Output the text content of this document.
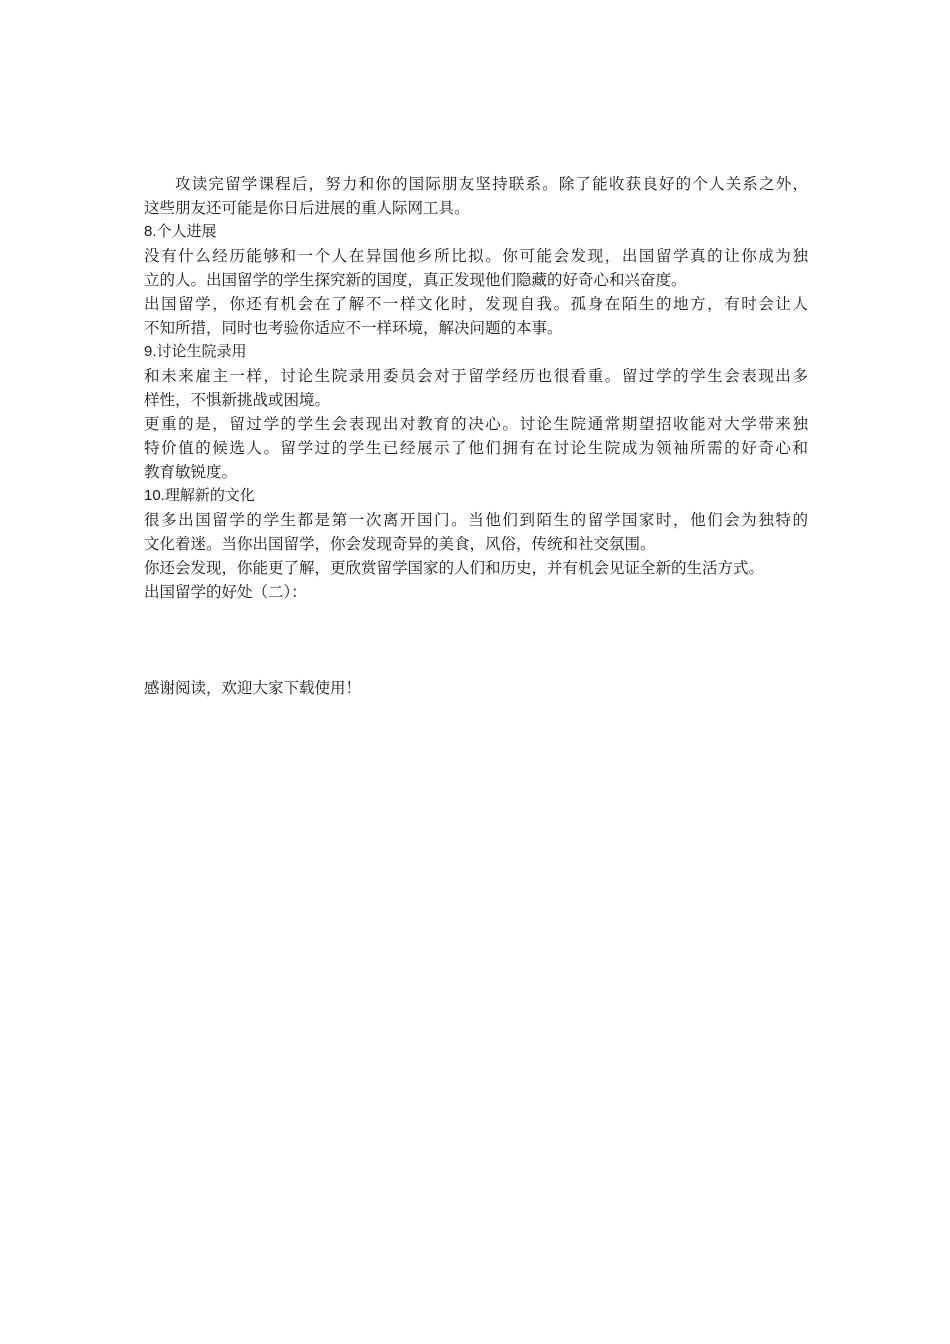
攻读完留学课程后，努力和你的国际朋友坚持联系。除了能收获良好的个人关系之外，
这些朋友还可能是你日后进展的重人际网工具。
8.个人进展
没有什么经历能够和一个人在异国他乡所比拟。你可能会发现，出国留学真的让你成为独
立的人。出国留学的学生探究新的国度，真正发现他们隐藏的好奇心和兴奋度。
出国留学，你还有机会在了解不一样文化时，发现自我。孤身在陌生的地方，有时会让人
不知所措，同时也考验你适应不一样环境，解决问题的本事。
9.讨论生院录用
和未来雇主一样，讨论生院录用委员会对于留学经历也很看重。留过学的学生会表现出多
样性，不惧新挑战或困境。
更重的是，留过学的学生会表现出对教育的决心。讨论生院通常期望招收能对大学带来独
特价值的候选人。留学过的学生已经展示了他们拥有在讨论生院成为领袖所需的好奇心和
教育敏锐度。
10.理解新的文化
很多出国留学的学生都是第一次离开国门。当他们到陌生的留学国家时，他们会为独特的
文化着迷。当你出国留学，你会发现奇异的美食，风俗，传统和社交氛围。
你还会发现，你能更了解，更欣赏留学国家的人们和历史，并有机会见证全新的生活方式。
出国留学的好处（二）：
感谢阅读，欢迎大家下载使用！
